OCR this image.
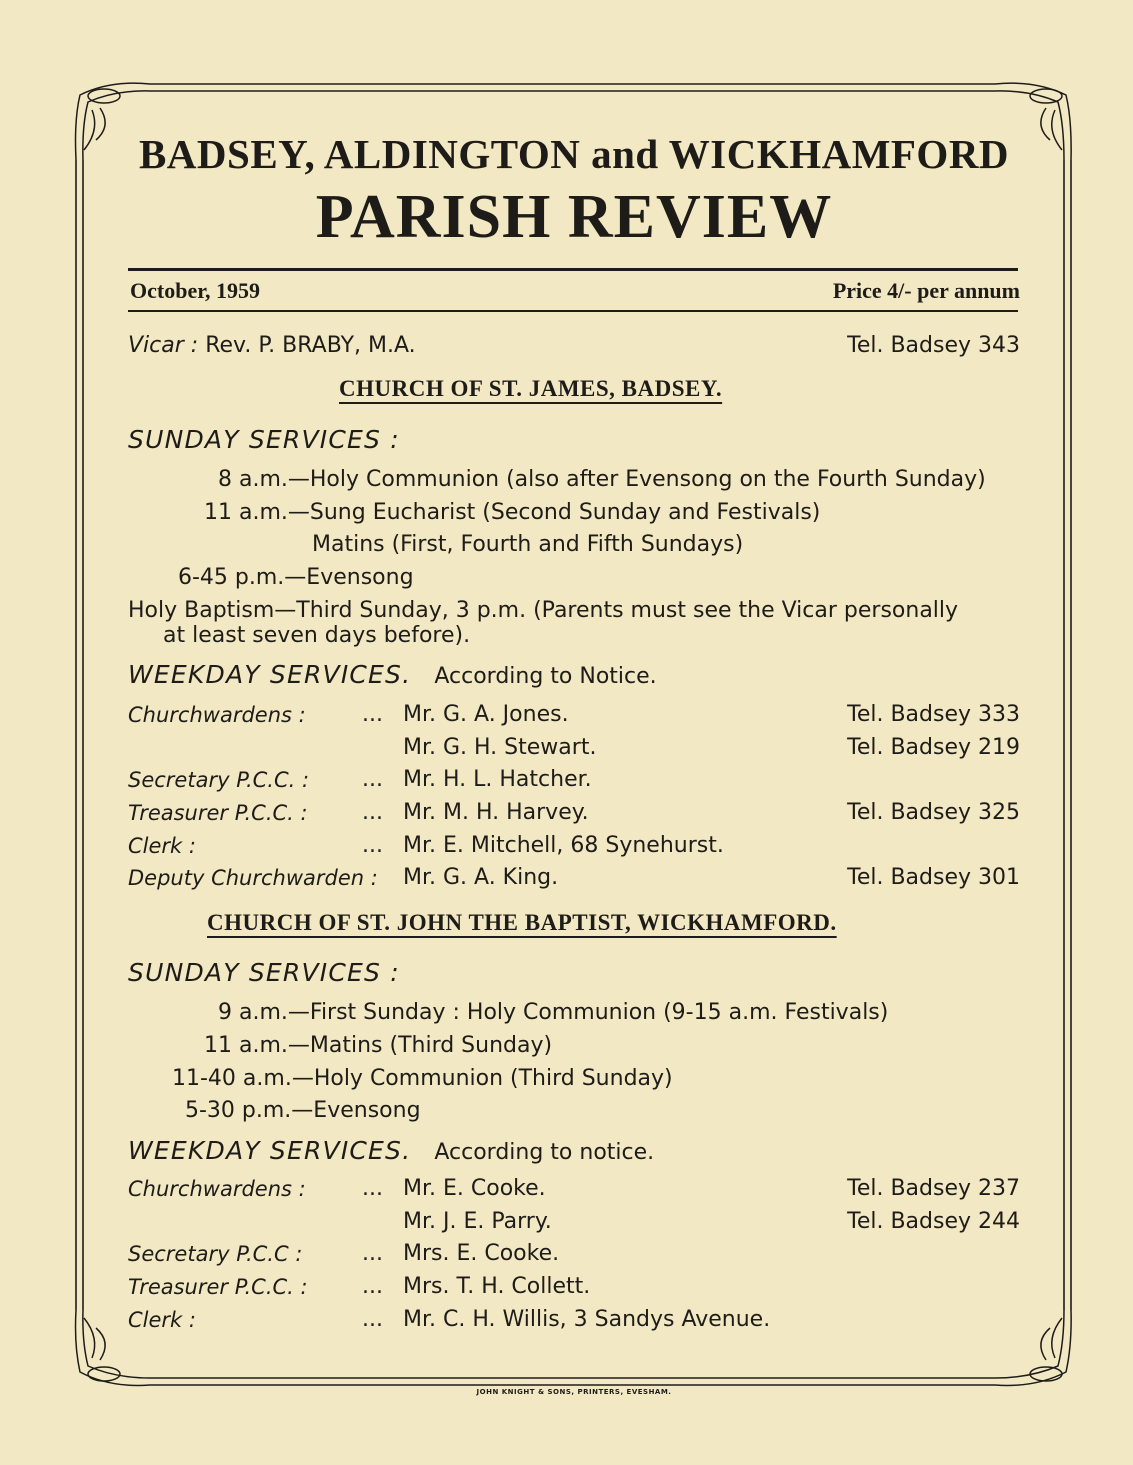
BADSEY, ALDINGTON and WICKHAMFORD
PARISH REVIEW
October, 1959	Price 4/- per annum
Vicar : Rev. P. BRABY, M.A.	Tel. Badsey 343
CHURCH OF ST. JAMES, BADSEY.
SUNDAY SERVICES :
8 a.m.—Holy Communion (also after Evensong on the Fourth Sunday)
11 a.m.—Sung Eucharist (Second Sunday and Festivals)
Matins (First, Fourth and Fifth Sundays)
6-45 p.m.—Evensong
Holy Baptism—Third Sunday, 3 p.m. (Parents must see the Vicar personally
at least seven days before).
WEEKDAY SERVICES. According to Notice.
Churchwardens :	... Mr. G. A. Jones.	Tel. Badsey 333
Mr. G. H. Stewart.	Tel. Badsey 219
Secretary P.C.C. : ... Mr. H. L. Hatcher.
Treasurer P.C.C. : ... Mr. M. H. Harvey.	Tel. Badsey 325
Clerk :	... Mr. E. Mitchell, 68 Synehurst.
Deputy Churchwarden : Mr. G. A. King.	Tel. Badsey 301
CHURCH OF ST. JOHN THE BAPTIST, WICKHAMFORD.
SUNDAY SERVICES :
9 a.m.—First Sunday : Holy Communion (9-15 a.m. Festivals)
11 a.m.—Matins (Third Sunday)
11-40 a.m.—Holy Communion (Third Sunday)
5-30 p.m.—Evensong
WEEKDAY SERVICES. According to notice.
Churchwardens :	... Mr. E. Cooke.	Tel. Badsey 237
Mr. J. E. Parry.	Tel. Badsey 244
Secretary P.C.C :	... Mrs. E. Cooke.
Treasurer P.C.C. : ... Mrs. T. H. Collett.
Clerk :	... Mr. C. H. Willis, 3 Sandys Avenue.
JOHN KNIGHT & SONS, PRINTERS, EVESHAM.
